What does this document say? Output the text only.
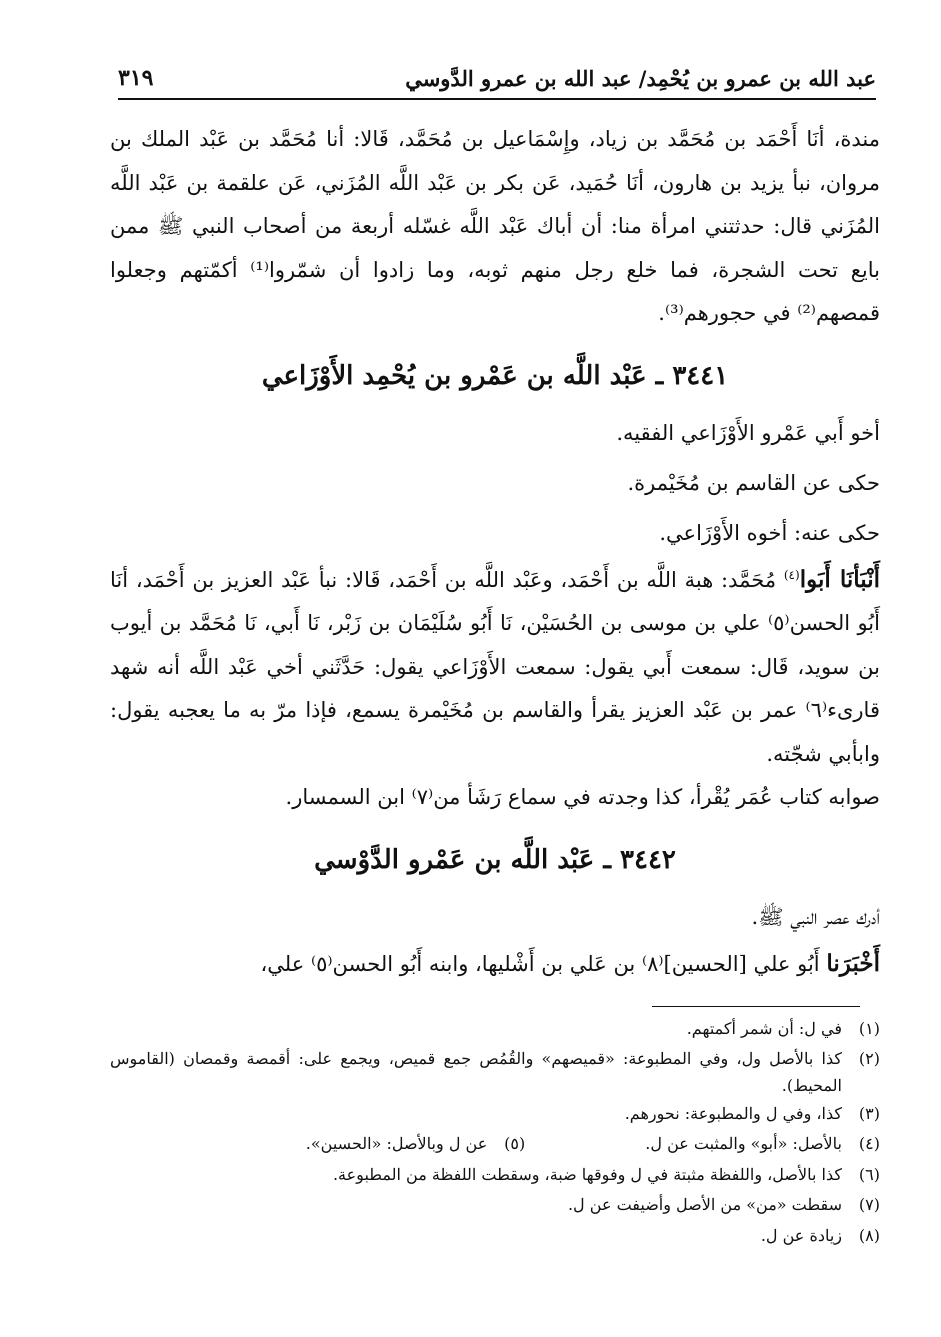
عبد الله بن عمرو بن يُحْمِد/ عبد الله بن عمرو الدَّوسي
٣١٩

مندة، أنَا أَحْمَد بن مُحَمَّد بن زياد، وإِسْمَاعيل بن مُحَمَّد، قَالا: أنا مُحَمَّد بن عَبْد الملك بن مروان، نبأ يزيد بن هارون، أنَا حُمَيد، عَن بكر بن عَبْد اللَّه المُزَني، عَن علقمة بن عَبْد اللَّه المُزَني قال: حدثتني امرأة منا: أن أباك عَبْد اللَّه غسّله أربعة من أصحاب النبي ﷺ ممن بايع تحت الشجرة، فما خلع رجل منهم ثوبه، وما زادوا أن شمّروا⁽¹⁾ أكمّتهم وجعلوا قمصهم⁽²⁾ في حجورهم⁽³⁾.

٣٤٤١ ـ عَبْد اللَّه بن عَمْرو بن يُحْمِد الأَوْزَاعي

أخو أَبي عَمْرو الأَوْزَاعي الفقيه.

حكى عن القاسم بن مُخَيْمرة.

حكى عنه: أخوه الأَوْزَاعي.

أَنْبَأنَا أَبَوا$^{(٤)}$ مُحَمَّد: هبة اللَّه بن أَحْمَد، وعَبْد اللَّه بن أَحْمَد، قَالا: نبأ عَبْد العزيز بن أَحْمَد، أنَا أَبُو الحسن⁽٥⁾ علي بن موسى بن الحُسَيْن، نَا أَبُو سُلَيْمَان بن زَبْر، نَا أَبي، نَا مُحَمَّد بن أيوب بن سويد، قَال: سمعت أَبي يقول: سمعت الأَوْزَاعي يقول: حَدَّثَني أخي عَبْد اللَّه أنه شهد قارىء⁽٦⁾ عمر بن عَبْد العزيز يقرأ والقاسم بن مُخَيْمرة يسمع، فإذا مرّ به ما يعجبه يقول: وابأبي شجّته.

صوابه كتاب عُمَر يُقْرأ، كذا وجدته في سماع رَشَأ من⁽٧⁾ ابن السمسار.

٣٤٤٢ ـ عَبْد اللَّه بن عَمْرو الدَّوْسي

أدرك عصر النبي ﷺ.

أَخْبَرَنا أَبُو علي [الحسين]⁽٨⁾ بن عَلي بن أَشْليها، وابنه أَبُو الحسن⁽٥⁾ علي،

(١)
في ل: أن شمر أكمتهم.
(٢)
كذا بالأصل ول، وفي المطبوعة: «قميصهم» والقُمُص جمع قميص، ويجمع على: أقمصة وقمصان (القاموس المحيط).
(٣)
كذا، وفي ل والمطبوعة: نحورهم.
(٤)
بالأصل: «أبو» والمثبت عن ل.
(٥)
عن ل وبالأصل: «الحسين».
(٦)
كذا بالأصل، واللفظة مثبتة في ل وفوقها ضبة، وسقطت اللفظة من المطبوعة.
(٧)
سقطت «من» من الأصل وأضيفت عن ل.
(٨)
زيادة عن ل.
